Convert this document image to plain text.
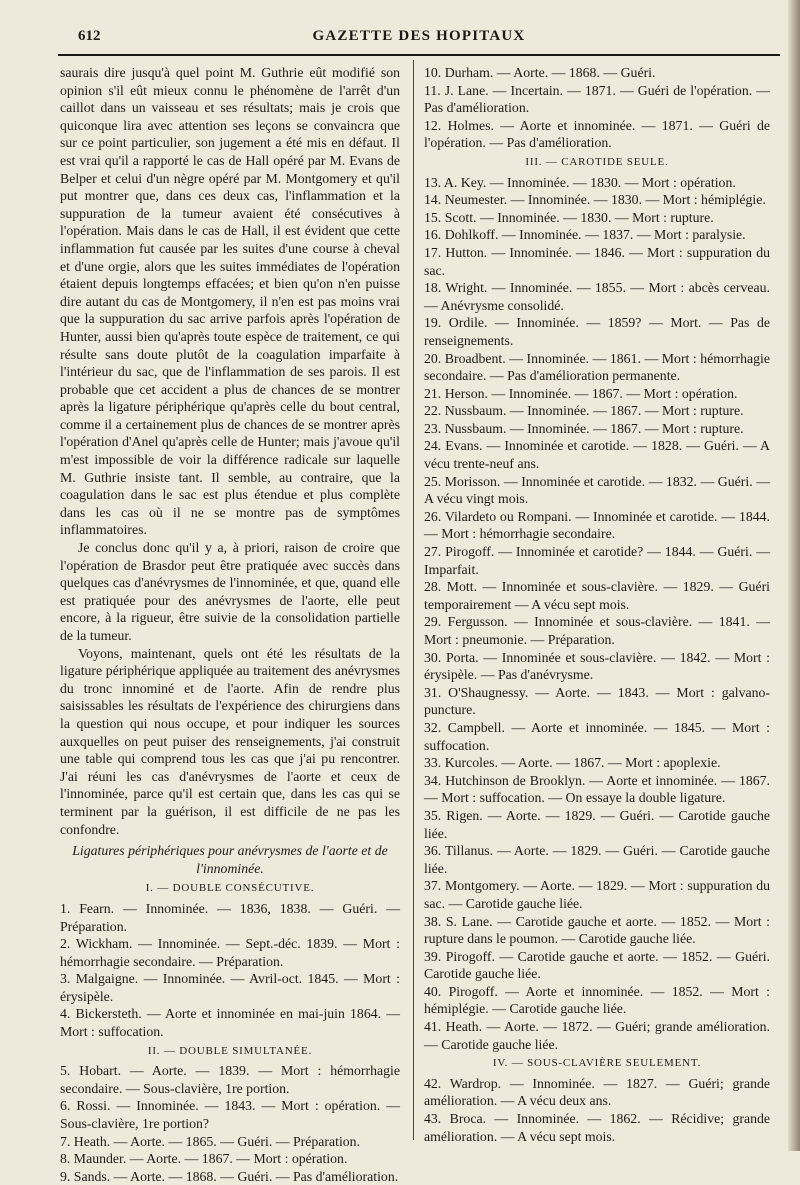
612	GAZETTE DES HOPITAUX

saurais dire jusqu'à quel point M. Guthrie eût modifié son opinion s'il eût mieux connu le phénomène de l'arrêt d'un caillot dans un vaisseau et ses résultats; mais je crois que quiconque lira avec attention ses leçons se convaincra que sur ce point particulier, son jugement a été mis en défaut. Il est vrai qu'il a rapporté le cas de Hall opéré par M. Evans de Belper et celui d'un nègre opéré par M. Montgomery et qu'il put montrer que, dans ces deux cas, l'inflammation et la suppuration de la tumeur avaient été consécutives à l'opération. Mais dans le cas de Hall, il est évident que cette inflammation fut causée par les suites d'une course à cheval et d'une orgie, alors que les suites immédiates de l'opération étaient depuis longtemps effacées; et bien qu'on n'en puisse dire autant du cas de Montgomery, il n'en est pas moins vrai que la suppuration du sac arrive parfois après l'opération de Hunter, aussi bien qu'après toute espèce de traitement, ce qui résulte sans doute plutôt de la coagulation imparfaite à l'intérieur du sac, que de l'inflammation de ses parois. Il est probable que cet accident a plus de chances de se montrer après la ligature périphérique qu'après celle du bout central, comme il a certainement plus de chances de se montrer après l'opération d'Anel qu'après celle de Hunter; mais j'avoue qu'il m'est impossible de voir la différence radicale sur laquelle M. Guthrie insiste tant. Il semble, au contraire, que la coagulation dans le sac est plus étendue et plus complète dans les cas où il ne se montre pas de symptômes inflammatoires.

Je conclus donc qu'il y a, à priori, raison de croire que l'opération de Brasdor peut être pratiquée avec succès dans quelques cas d'anévrysmes de l'innominée, et que, quand elle est pratiquée pour des anévrysmes de l'aorte, elle peut encore, à la rigueur, être suivie de la consolidation partielle de la tumeur.

Voyons, maintenant, quels ont été les résultats de la ligature périphérique appliquée au traitement des anévrysmes du tronc innominé et de l'aorte. Afin de rendre plus saisissables les résultats de l'expérience des chirurgiens dans la question qui nous occupe, et pour indiquer les sources auxquelles on peut puiser des renseignements, j'ai construit une table qui comprend tous les cas que j'ai pu rencontrer. J'ai réuni les cas d'anévrysmes de l'aorte et ceux de l'innominée, parce qu'il est certain que, dans les cas qui se terminent par la guérison, il est difficile de ne pas les confondre.

Ligatures périphériques pour anévrysmes de l'aorte et de l'innominée.
I. — DOUBLE CONSÉCUTIVE.

1. Fearn. — Innominée. — 1836, 1838. — Guéri. — Préparation.

2. Wickham. — Innominée. — Sept.-déc. 1839. — Mort : hémorrhagie secondaire. — Préparation.

3. Malgaigne. — Innominée. — Avril-oct. 1845. — Mort : érysipèle.

4. Bickersteth. — Aorte et innominée en mai-juin 1864. — Mort : suffocation.

II. — DOUBLE SIMULTANÉE.

5. Hobart. — Aorte. — 1839. — Mort : hémorrhagie secondaire. — Sous-clavière, 1re portion.

6. Rossi. — Innominée. — 1843. — Mort : opération. — Sous-clavière, 1re portion?

7. Heath. — Aorte. — 1865. — Guéri. — Préparation.

8. Maunder. — Aorte. — 1867. — Mort : opération.

9. Sands. — Aorte. — 1868. — Guéri. — Pas d'amélioration.

10. Durham. — Aorte. — 1868. — Guéri.

11. J. Lane. — Incertain. — 1871. — Guéri de l'opération. — Pas d'amélioration.

12. Holmes. — Aorte et innominée. — 1871. — Guéri de l'opération. — Pas d'amélioration.

III. — CAROTIDE SEULE.

13. A. Key. — Innominée. — 1830. — Mort : opération.

14. Neumester. — Innominée. — 1830. — Mort : hémiplégie.

15. Scott. — Innominée. — 1830. — Mort : rupture.

16. Dohlkoff. — Innominée. — 1837. — Mort : paralysie.

17. Hutton. — Innominée. — 1846. — Mort : suppuration du sac.

18. Wright. — Innominée. — 1855. — Mort : abcès cerveau. — Anévrysme consolidé.

19. Ordile. — Innominée. — 1859? — Mort. — Pas de renseignements.

20. Broadbent. — Innominée. — 1861. — Mort : hémorrhagie secondaire. — Pas d'amélioration permanente.

21. Herson. — Innominée. — 1867. — Mort : opération.

22. Nussbaum. — Innominée. — 1867. — Mort : rupture.

23. Nussbaum. — Innominée. — 1867. — Mort : rupture.

24. Evans. — Innominée et carotide. — 1828. — Guéri. — A vécu trente-neuf ans.

25. Morisson. — Innominée et carotide. — 1832. — Guéri. — A vécu vingt mois.

26. Vilardeto ou Rompani. — Innominée et carotide. — 1844. — Mort : hémorrhagie secondaire.

27. Pirogoff. — Innominée et carotide? — 1844. — Guéri. — Imparfait.

28. Mott. — Innominée et sous-clavière. — 1829. — Guéri temporairement — A vécu sept mois.

29. Fergusson. — Innominée et sous-clavière. — 1841. — Mort : pneumonie. — Préparation.

30. Porta. — Innominée et sous-clavière. — 1842. — Mort : érysipèle. — Pas d'anévrysme.

31. O'Shaugnessy. — Aorte. — 1843. — Mort : galvano-puncture.

32. Campbell. — Aorte et innominée. — 1845. — Mort : suffocation.

33. Kurcoles. — Aorte. — 1867. — Mort : apoplexie.

34. Hutchinson de Brooklyn. — Aorte et innominée. — 1867. — Mort : suffocation. — On essaye la double ligature.

35. Rigen. — Aorte. — 1829. — Guéri. — Carotide gauche liée.

36. Tillanus. — Aorte. — 1829. — Guéri. — Carotide gauche liée.

37. Montgomery. — Aorte. — 1829. — Mort : suppuration du sac. — Carotide gauche liée.

38. S. Lane. — Carotide gauche et aorte. — 1852. — Mort : rupture dans le poumon. — Carotide gauche liée.

39. Pirogoff. — Carotide gauche et aorte. — 1852. — Guéri. Carotide gauche liée.

40. Pirogoff. — Aorte et innominée. — 1852. — Mort : hémiplégie. — Carotide gauche liée.

41. Heath. — Aorte. — 1872. — Guéri; grande amélioration. — Carotide gauche liée.

IV. — SOUS-CLAVIÈRE SEULEMENT.

42. Wardrop. — Innominée. — 1827. — Guéri; grande amélioration. — A vécu deux ans.

43. Broca. — Innominée. — 1862. — Récidive; grande amélioration. — A vécu sept mois.
